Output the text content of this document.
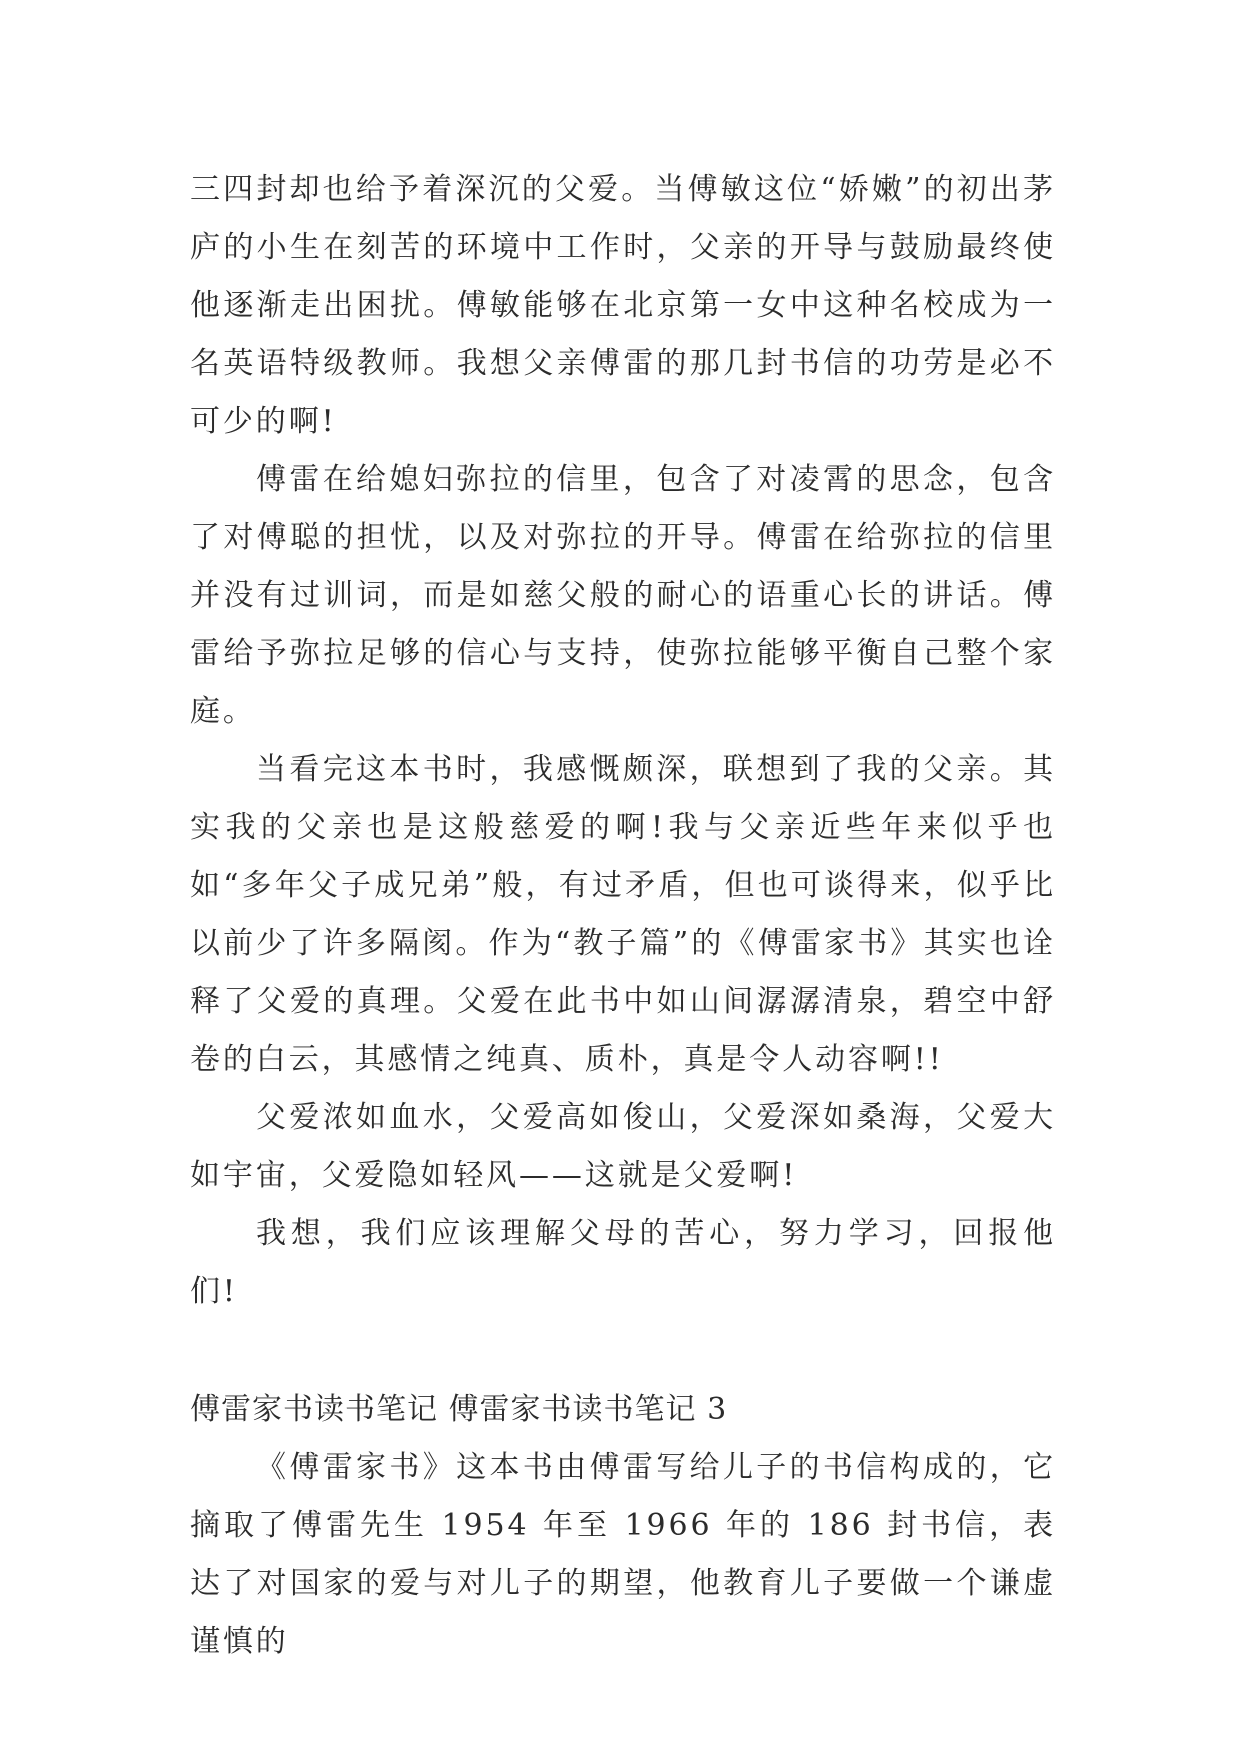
三四封却也给予着深沉的父爱。当傅敏这位“娇嫩”的初出茅庐的小生在刻苦的环境中工作时，父亲的开导与鼓励最终使他逐渐走出困扰。傅敏能够在北京第一女中这种名校成为一名英语特级教师。我想父亲傅雷的那几封书信的功劳是必不可少的啊!

傅雷在给媳妇弥拉的信里，包含了对凌霄的思念，包含了对傅聪的担忧，以及对弥拉的开导。傅雷在给弥拉的信里并没有过训词，而是如慈父般的耐心的语重心长的讲话。傅雷给予弥拉足够的信心与支持，使弥拉能够平衡自己整个家庭。

当看完这本书时，我感慨颇深，联想到了我的父亲。其实我的父亲也是这般慈爱的啊!我与父亲近些年来似乎也如“多年父子成兄弟”般，有过矛盾，但也可谈得来，似乎比以前少了许多隔阂。作为“教子篇”的《傅雷家书》其实也诠释了父爱的真理。父爱在此书中如山间潺潺清泉，碧空中舒卷的白云，其感情之纯真、质朴，真是令人动容啊!!

父爱浓如血水，父爱高如俊山，父爱深如桑海，父爱大如宇宙，父爱隐如轻风——这就是父爱啊!

我想，我们应该理解父母的苦心，努力学习，回报他们!

傅雷家书读书笔记 傅雷家书读书笔记 3

《傅雷家书》这本书由傅雷写给儿子的书信构成的，它摘取了傅雷先生 1954 年至 1966 年的 186 封书信，表达了对国家的爱与对儿子的期望，他教育儿子要做一个谦虚谨慎的
